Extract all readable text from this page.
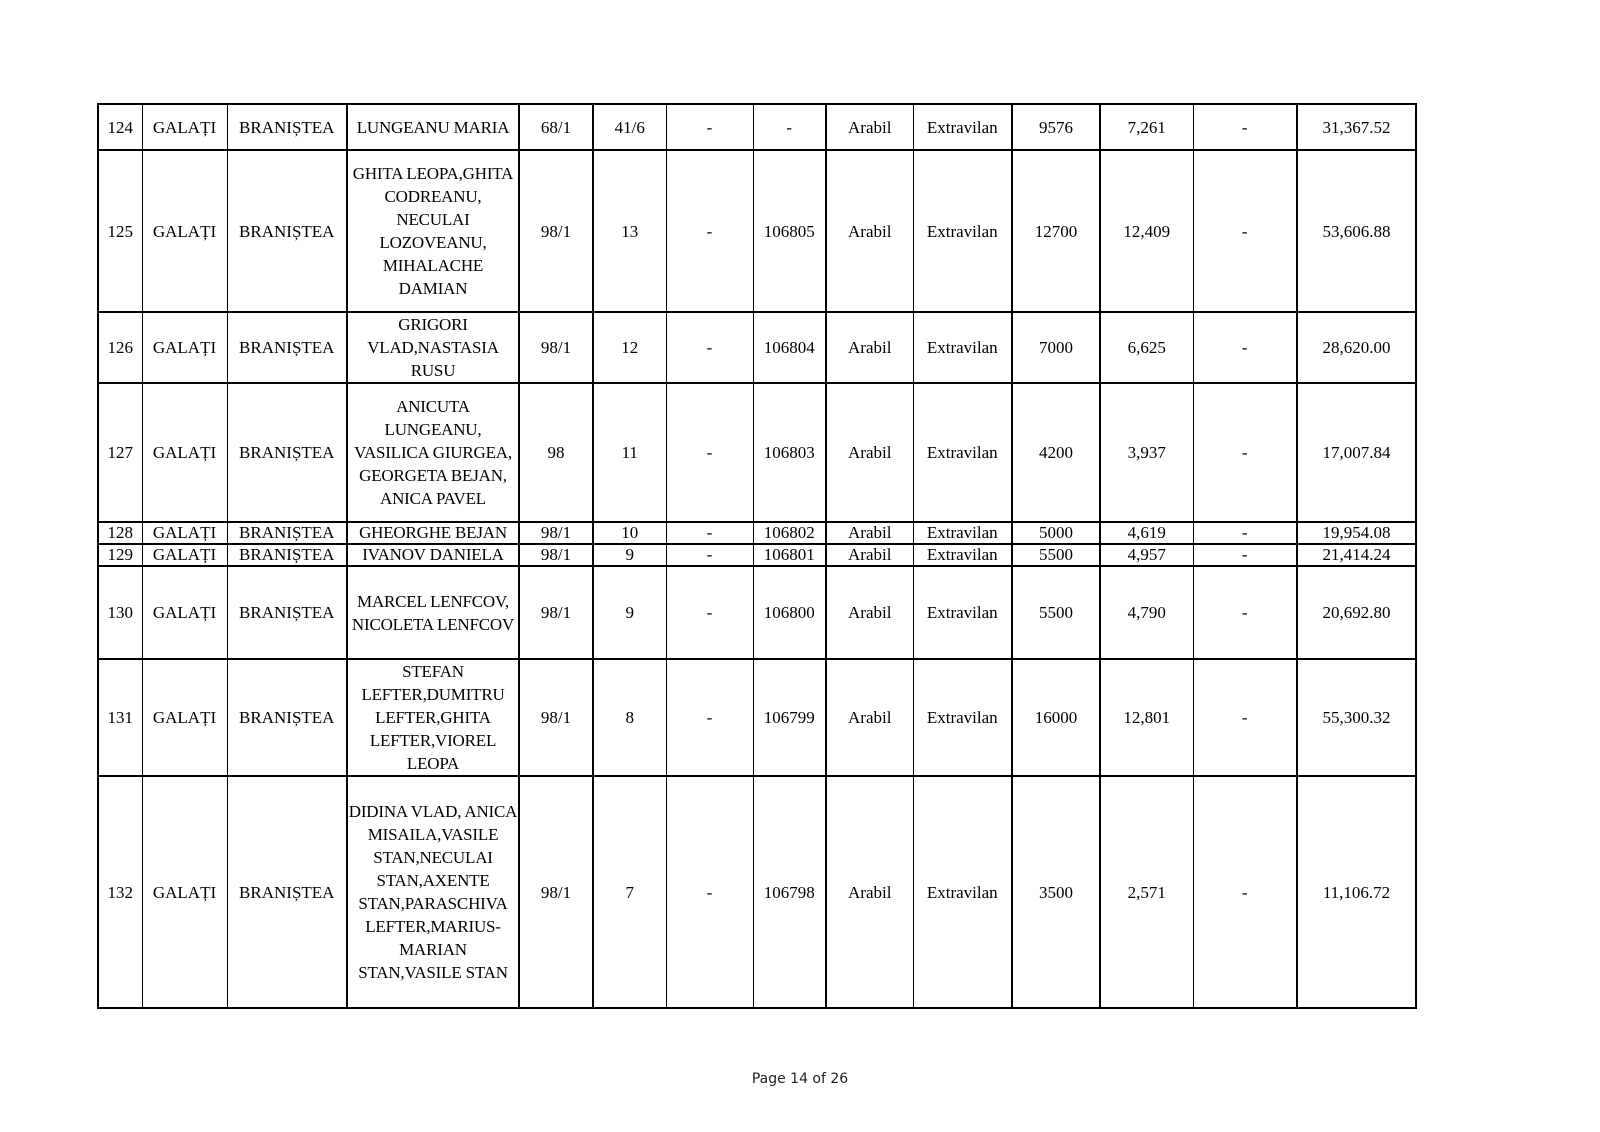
124	GALAȚI	BRANIȘTEA	LUNGEANU MARIA	68/1	41/6	-	-	Arabil	Extravilan	9576	7,261	-	31,367.52
125	GALAȚI	BRANIȘTEA	GHITA LEOPA,GHITA CODREANU, NECULAI LOZOVEANU, MIHALACHE DAMIAN	98/1	13	-	106805	Arabil	Extravilan	12700	12,409	-	53,606.88
126	GALAȚI	BRANIȘTEA	GRIGORI VLAD,NASTASIA RUSU	98/1	12	-	106804	Arabil	Extravilan	7000	6,625	-	28,620.00
127	GALAȚI	BRANIȘTEA	ANICUTA LUNGEANU, VASILICA GIURGEA, GEORGETA BEJAN, ANICA PAVEL	98	11	-	106803	Arabil	Extravilan	4200	3,937	-	17,007.84
128	GALAȚI	BRANIȘTEA	GHEORGHE BEJAN	98/1	10	-	106802	Arabil	Extravilan	5000	4,619	-	19,954.08
129	GALAȚI	BRANIȘTEA	IVANOV DANIELA	98/1	9	-	106801	Arabil	Extravilan	5500	4,957	-	21,414.24
130	GALAȚI	BRANIȘTEA	MARCEL LENFCOV, NICOLETA LENFCOV	98/1	9	-	106800	Arabil	Extravilan	5500	4,790	-	20,692.80
131	GALAȚI	BRANIȘTEA	STEFAN LEFTER,DUMITRU LEFTER,GHITA LEFTER,VIOREL LEOPA	98/1	8	-	106799	Arabil	Extravilan	16000	12,801	-	55,300.32
132	GALAȚI	BRANIȘTEA	DIDINA VLAD, ANICA MISAILA,VASILE STAN,NECULAI STAN,AXENTE STAN,PARASCHIVA LEFTER,MARIUS-MARIAN STAN,VASILE STAN	98/1	7	-	106798	Arabil	Extravilan	3500	2,571	-	11,106.72
Page 14 of 26
